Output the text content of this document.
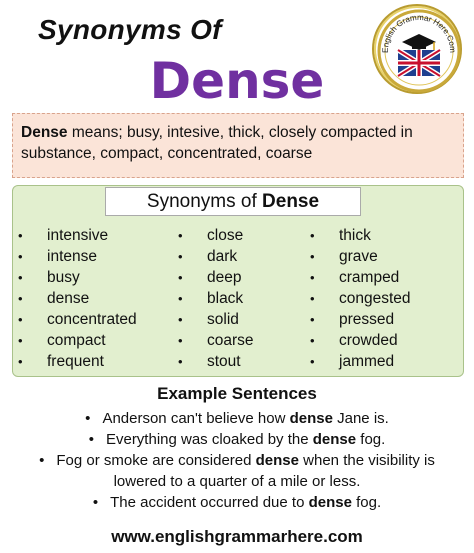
Synonyms Of
Dense
English Grammar Here.Com
Dense means; busy, intesive, thick, closely compacted in substance, compact, concentrated, coarse
Synonyms of Dense
• intensive
• intense
• busy
• dense
• concentrated
• compact
• frequent
• close
• dark
• deep
• black
• solid
• coarse
• stout
• thick
• grave
• cramped
• congested
• pressed
• crowded
• jammed
Example Sentences
• Anderson can't believe how dense Jane is.
• Everything was cloaked by the dense fog.
• Fog or smoke are considered dense when the visibility is
lowered to a quarter of a mile or less.
• The accident occurred due to dense fog.
www.englishgrammarhere.com
